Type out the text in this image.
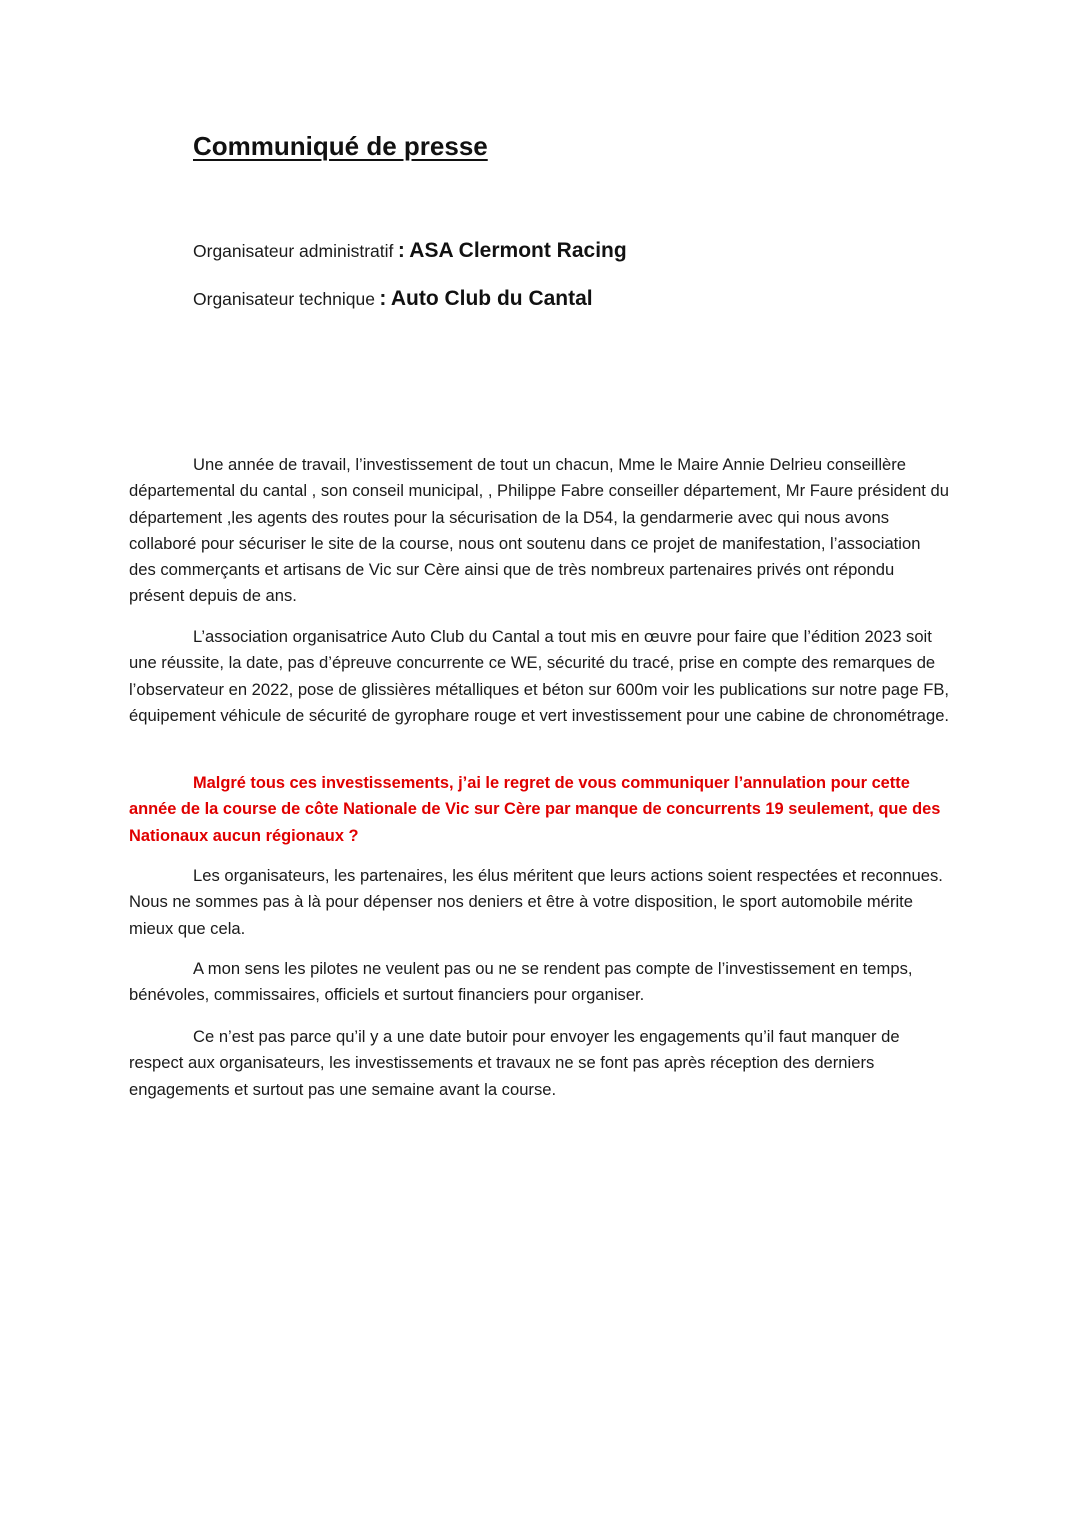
Communiqué de presse

Organisateur administratif : ASA Clermont Racing

Organisateur technique : Auto Club du Cantal

Une année de travail, l’investissement de tout un chacun, Mme le Maire Annie Delrieu conseillère départemental du cantal , son conseil municipal, , Philippe Fabre conseiller département, Mr Faure président du département ,les agents des routes pour la sécurisation de la D54, la gendarmerie avec qui nous avons collaboré pour sécuriser le site de la course, nous ont soutenu dans ce projet de manifestation, l’association des commerçants et artisans de Vic sur Cère ainsi que de très nombreux partenaires privés ont répondu présent depuis de ans.

L’association organisatrice Auto Club du Cantal a tout mis en œuvre pour faire que l’édition 2023 soit une réussite, la date, pas d’épreuve concurrente ce WE, sécurité du tracé, prise en compte des remarques de l’observateur en 2022, pose de glissières métalliques et béton sur 600m voir les publications sur notre page FB, équipement véhicule de sécurité de gyrophare rouge et vert investissement pour une cabine de chronométrage.

Malgré tous ces investissements, j’ai le regret de vous communiquer l’annulation pour cette année de la course de côte Nationale de Vic sur Cère par manque de concurrents 19 seulement, que des Nationaux aucun régionaux ?

Les organisateurs, les partenaires, les élus méritent que leurs actions soient respectées et reconnues. Nous ne sommes pas à là pour dépenser nos deniers et être à votre disposition, le sport automobile mérite mieux que cela.

A mon sens les pilotes ne veulent pas ou ne se rendent pas compte de l’investissement en temps, bénévoles, commissaires, officiels et surtout financiers pour organiser.

Ce n’est pas parce qu’il y a une date butoir pour envoyer les engagements qu’il faut manquer de respect aux organisateurs, les investissements et travaux ne se font pas après réception des derniers engagements et surtout pas une semaine avant la course.
